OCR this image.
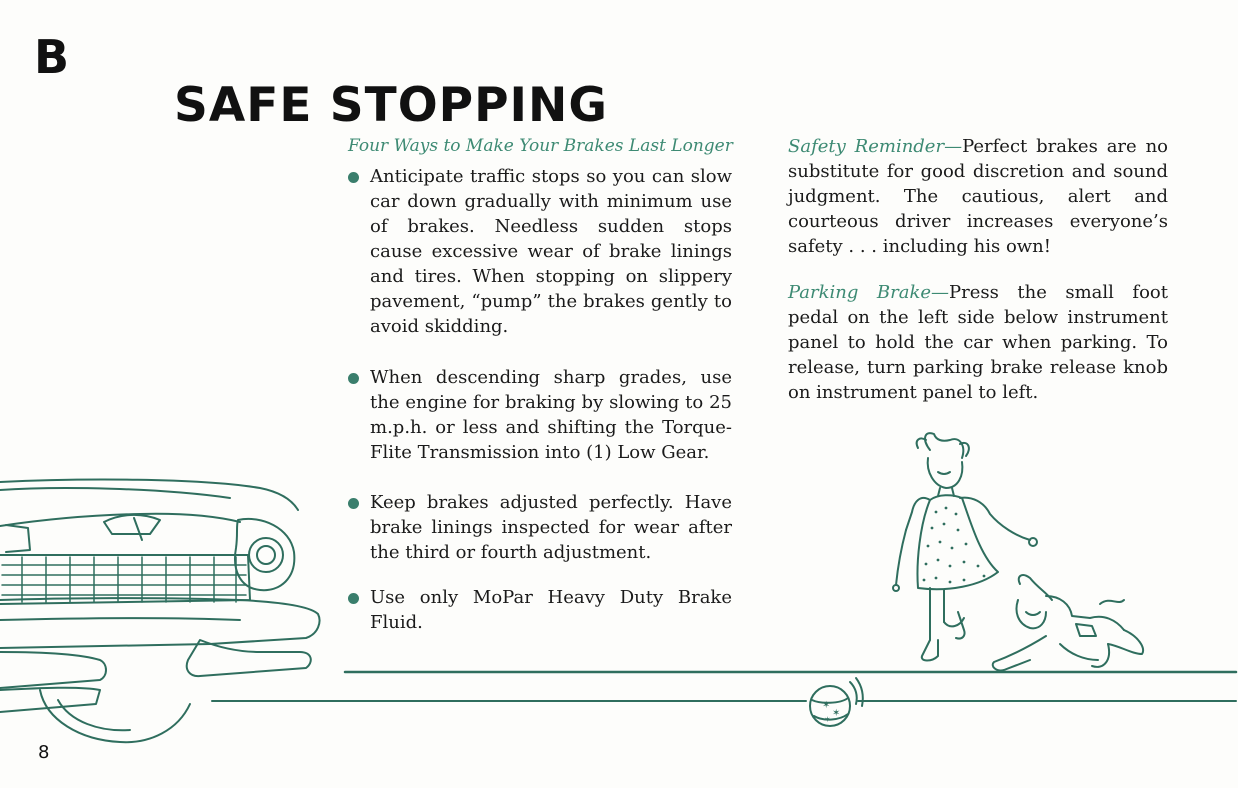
B
SAFE STOPPING
Four Ways to Make Your Brakes Last Longer
Anticipate traffic stops so you can slow car down gradually with minimum use of brakes. Needless sudden stops cause excessive wear of brake linings and tires. When stopping on slippery pavement, “pump” the brakes gently to avoid skidding.
When descending sharp grades, use the engine for braking by slowing to 25 m.p.h. or less and shifting the Torque-Flite Transmission into (1) Low Gear.
Keep brakes adjusted perfectly. Have brake linings inspected for wear after the third or fourth adjustment.
Use only MoPar Heavy Duty Brake Fluid.

Safety Reminder—Perfect brakes are no substitute for good discretion and sound judgment. The cautious, alert and courteous driver increases everyone’s safety . . . including his own!

Parking Brake—Press the small foot pedal on the left side below instrument panel to hold the car when parking. To release, turn parking brake release knob on instrument panel to left.

✶
✶
✶
8
